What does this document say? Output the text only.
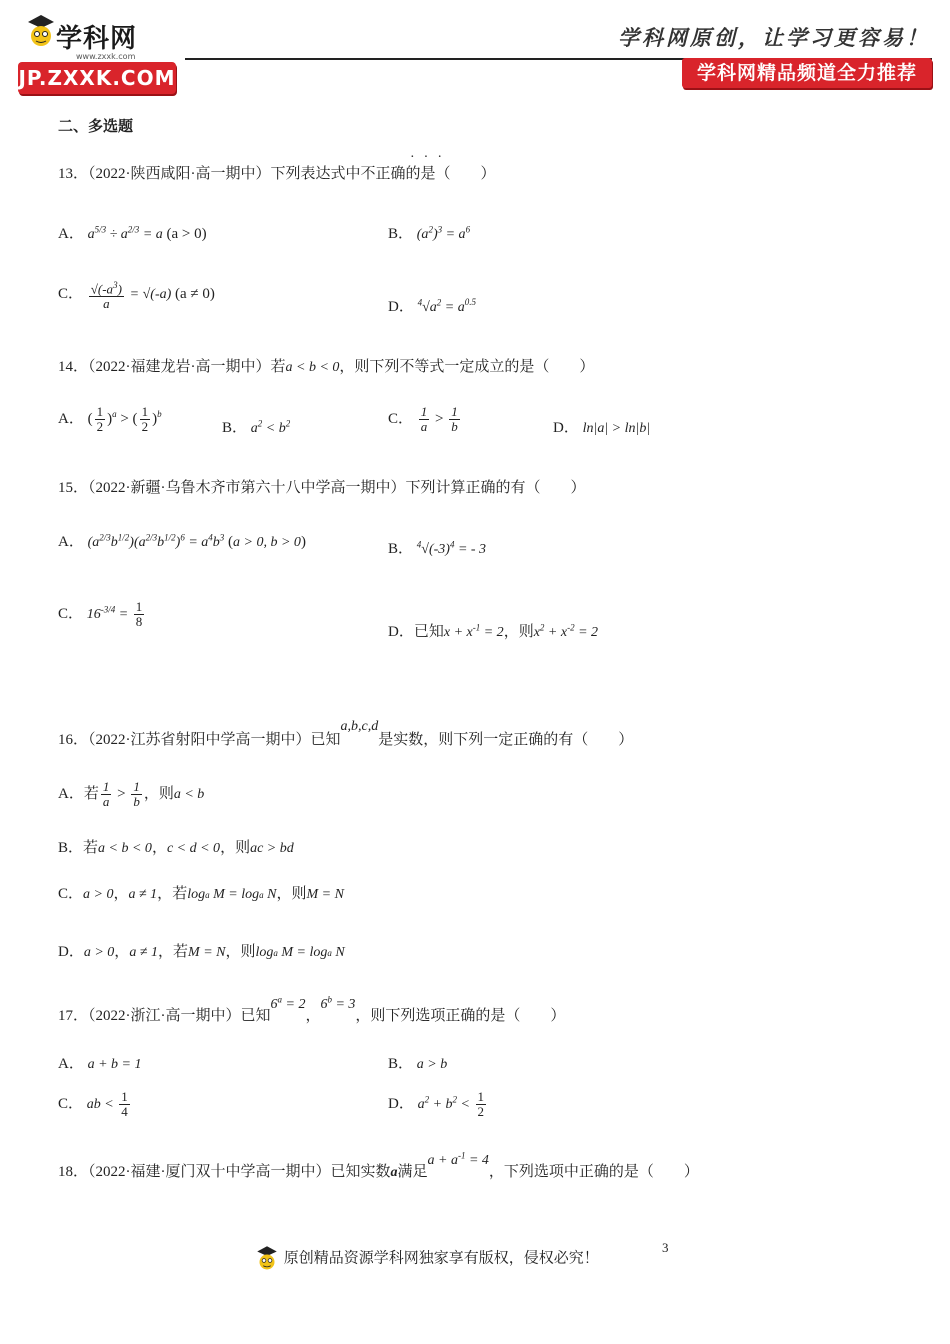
学科网
www.zxxk.com
JP.ZXXK.COM
学科网原创，让学习更容易！
学科网精品频道全力推荐
二、多选题
···
13．（2022·陕西咸阳·高一期中）下列表达式中不正确的是（　　）
A． $a^{5/3} \div a^{2/3} = a$ (a > 0)	B． $(a^2)^3 = a^6$
C． $\frac{√(-a^3)}{a} = √(-a) (a \ne 0)$
D． $^4√a^2 = a^{0.5}$
14．（2022·福建龙岩·高一期中）若a < b < 0，则下列不等式一定成立的是（　　）
A． ( $\frac{1}{2} )^a$ > ( $\frac{1}{2} )^b$
B． $a^2 < b^2$	C． $\frac{1}{a} > \frac{1}{b}$	D． ln|a| > ln|b|
15．（2022·新疆·乌鲁木齐市第六十八中学高一期中）下列计算正确的有（　　）
A． $(a^{2/3}b^{1/2})(a^{2/3}b^{1/2})^6 = a^4b^3$ (a > 0, b > 0)	B． $^4√(-3)^4$ = - 3
C． $16^{-3/4} = \frac{1}{8}$
D．已知$x + x^{-1} = 2$，则$x^2 + x^{-2} = 2$
16．（2022·江苏省射阳中学高一期中）已知a,b,c,d是实数，则下列一定正确的有（　　）
A．若 $\frac{1}{a} > \frac{1}{b}$ ，则a < b
B．若a < b < 0，c < d < 0，则ac > bd
C．a > 0，a ≠ 1，若loga M = loga N，则M = N
D．a > 0，a ≠ 1，若M = N，则loga M = loga N
17．（2022·浙江·高一期中）已知$6^a = 2$，$6^b = 3$，则下列选项正确的是（　　）
A． a + b = 1	B． a > b
C． ab < $\frac{1}{4}$	D． $a^2 + b^2 < \frac{1}{2}$
18．（2022·福建·厦门双十中学高一期中）已知实数a满足$a + a^{-1} = 4$，下列选项中正确的是（　　）
3
原创精品资源学科网独家享有版权，侵权必究！
